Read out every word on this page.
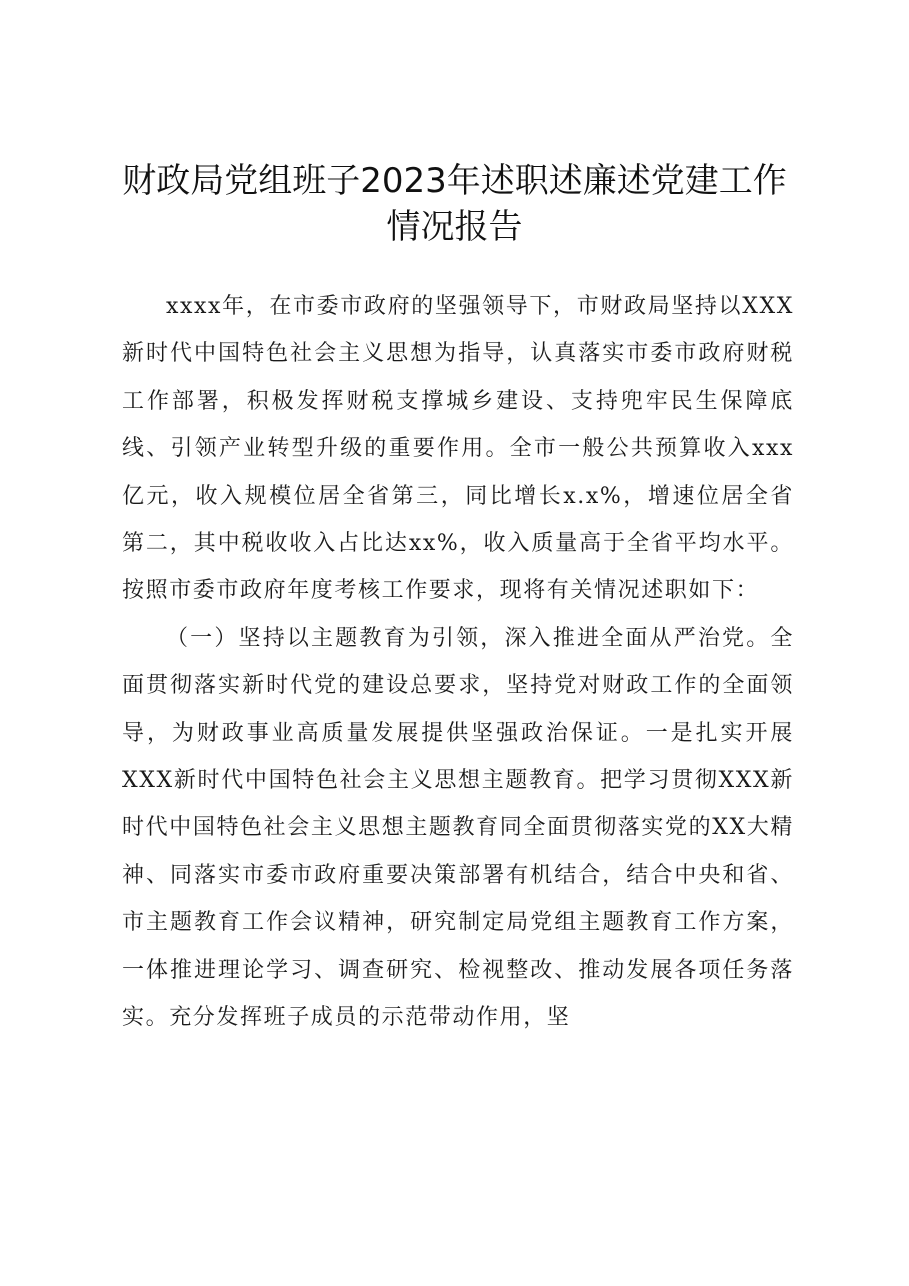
财政局党组班子2023年述职述廉述党建工作
情况报告

xxxx年，在市委市政府的坚强领导下，市财政局坚持以XXX新时代中国特色社会主义思想为指导，认真落实市委市政府财税工作部署，积极发挥财税支撑城乡建设、支持兜牢民生保障底线、引领产业转型升级的重要作用。全市一般公共预算收入xxx亿元，收入规模位居全省第三，同比增长x.x%，增速位居全省第二，其中税收收入占比达xx%，收入质量高于全省平均水平。按照市委市政府年度考核工作要求，现将有关情况述职如下：

（一）坚持以主题教育为引领，深入推进全面从严治党。全面贯彻落实新时代党的建设总要求，坚持党对财政工作的全面领导，为财政事业高质量发展提供坚强政治保证。一是扎实开展XXX新时代中国特色社会主义思想主题教育。把学习贯彻XXX新时代中国特色社会主义思想主题教育同全面贯彻落实党的XX大精神、同落实市委市政府重要决策部署有机结合，结合中央和省、市主题教育工作会议精神，研究制定局党组主题教育工作方案，一体推进理论学习、调查研究、检视整改、推动发展各项任务落实。充分发挥班子成员的示范带动作用，坚
